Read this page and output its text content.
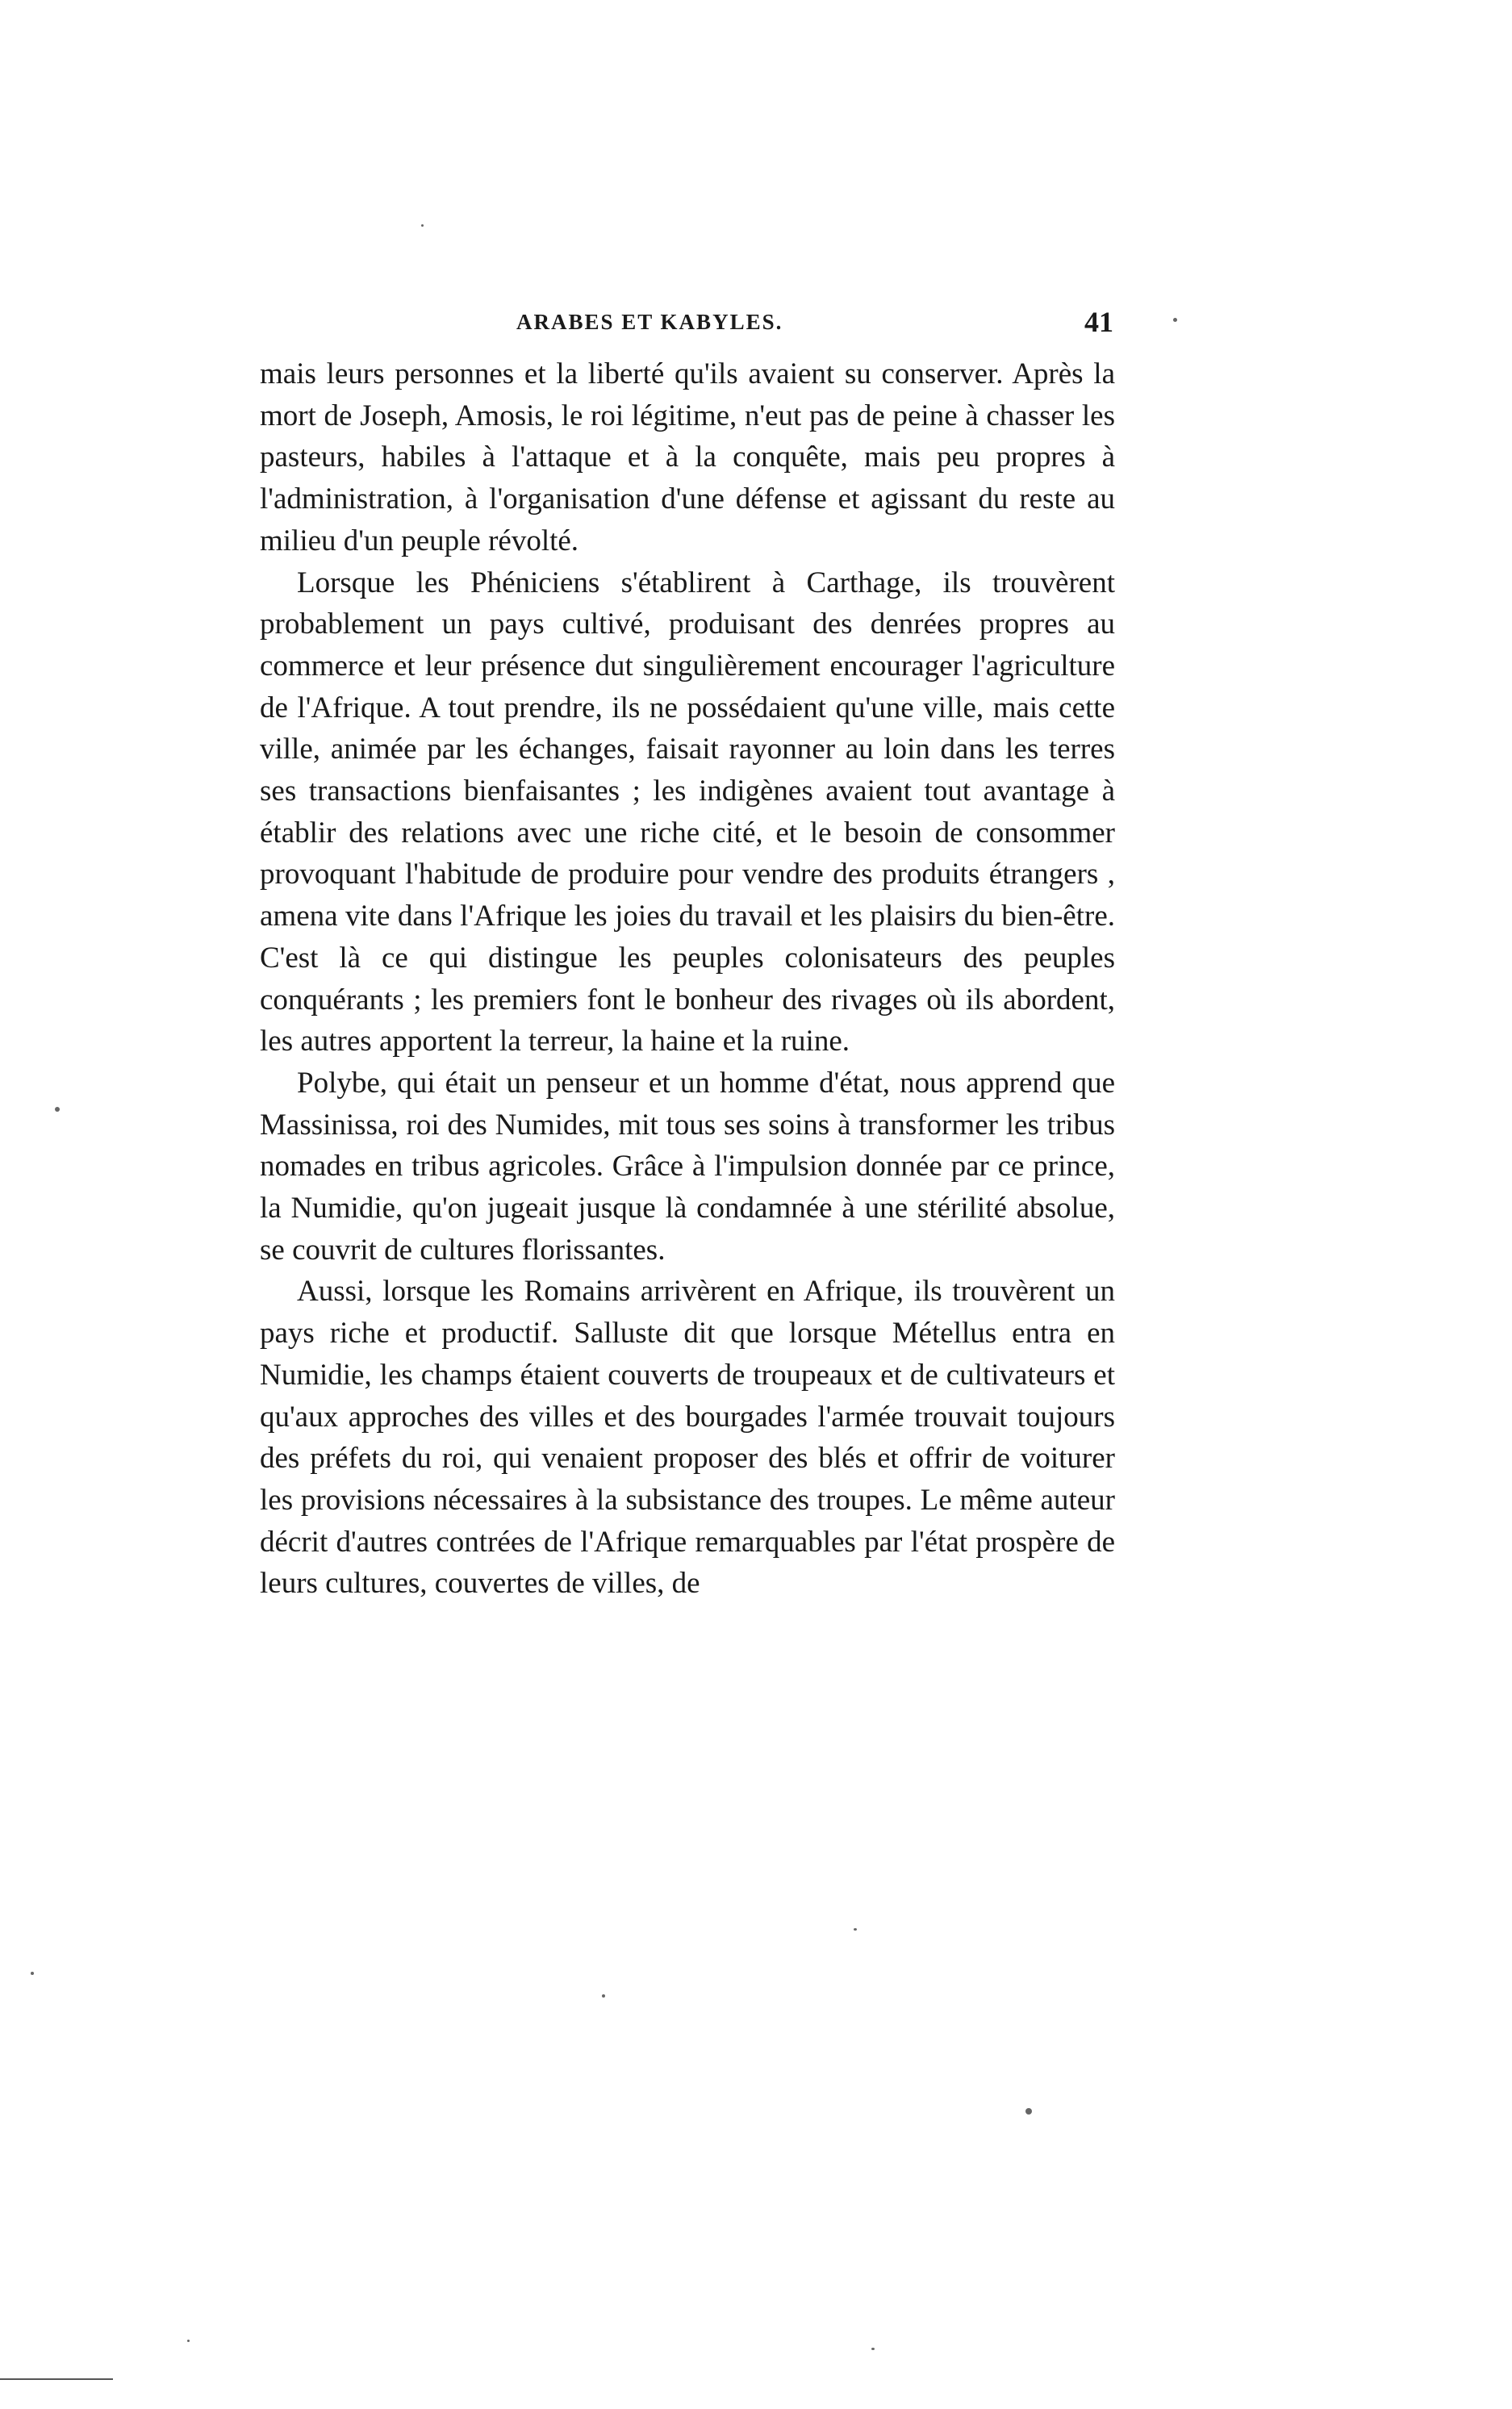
ARABES ET KABYLES.	41

mais leurs personnes et la liberté qu'ils avaient su conserver. Après la mort de Joseph, Amosis, le roi légitime, n'eut pas de peine à chasser les pasteurs, habiles à l'attaque et à la conquête, mais peu propres à l'administration, à l'organisation d'une défense et agissant du reste au milieu d'un peuple révolté.

Lorsque les Phéniciens s'établirent à Carthage, ils trouvèrent probablement un pays cultivé, produisant des denrées propres au commerce et leur présence dut singulièrement encourager l'agriculture de l'Afrique. A tout prendre, ils ne possédaient qu'une ville, mais cette ville, animée par les échanges, faisait rayonner au loin dans les terres ses transactions bienfaisantes ; les indigènes avaient tout avantage à établir des relations avec une riche cité, et le besoin de consommer provoquant l'habitude de produire pour vendre des produits étrangers , amena vite dans l'Afrique les joies du travail et les plaisirs du bien-être. C'est là ce qui distingue les peuples colonisateurs des peuples conquérants ; les premiers font le bonheur des rivages où ils abordent, les autres apportent la terreur, la haine et la ruine.

Polybe, qui était un penseur et un homme d'état, nous apprend que Massinissa, roi des Numides, mit tous ses soins à transformer les tribus nomades en tribus agricoles. Grâce à l'impulsion donnée par ce prince, la Numidie, qu'on jugeait jusque là condamnée à une stérilité absolue, se couvrit de cultures florissantes.

Aussi, lorsque les Romains arrivèrent en Afrique, ils trouvèrent un pays riche et productif. Salluste dit que lorsque Métellus entra en Numidie, les champs étaient couverts de troupeaux et de cultivateurs et qu'aux approches des villes et des bourgades l'armée trouvait toujours des préfets du roi, qui venaient proposer des blés et offrir de voiturer les provisions nécessaires à la subsistance des troupes. Le même auteur décrit d'autres contrées de l'Afrique remarquables par l'état prospère de leurs cultures, couvertes de villes, de
